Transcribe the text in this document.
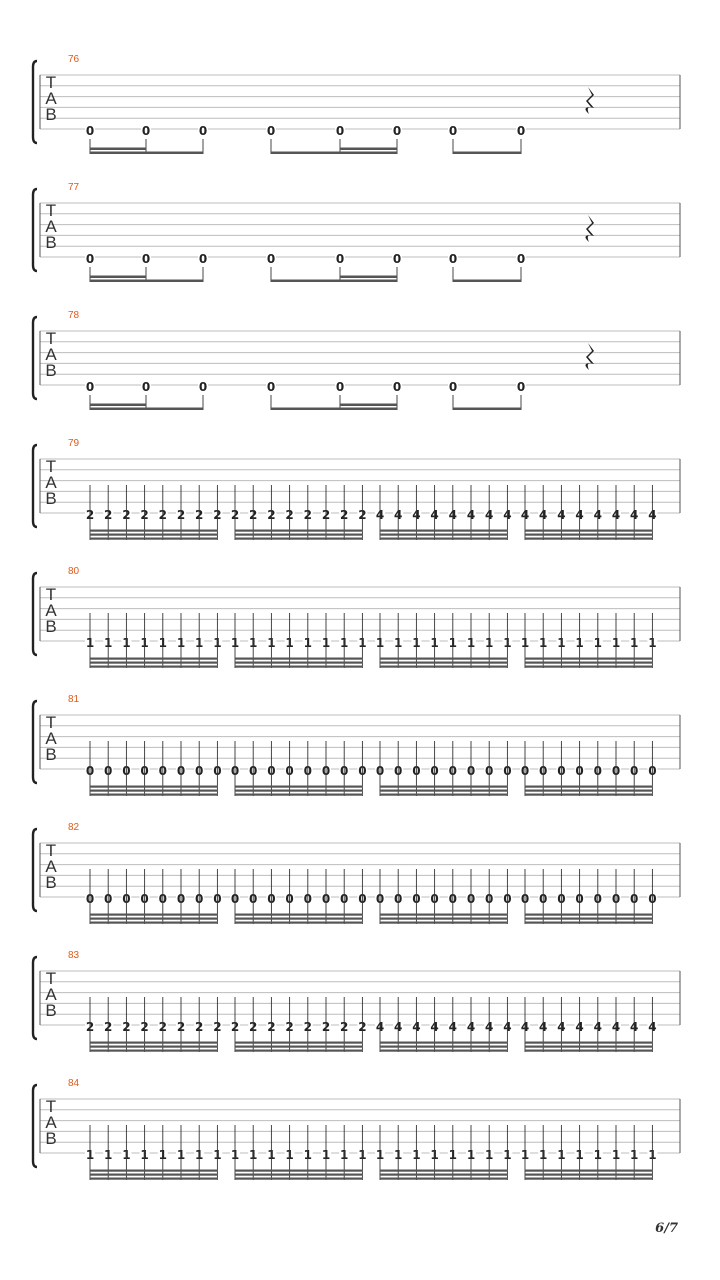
T
A
B
76
0	0	0	0	0	0	0	0
T
A
B
77
0	0	0	0	0	0	0	0
T
A
B
78
0	0	0	0	0	0	0	0
T
A
B
79
2 2 2 2 2 2 2 2 2 2 2 2 2 2 2 2 4 4 4 4 4 4 4 4 4 4 4 4 4 4 4 4
T
A
B
80
1 1 1 1 1 1 1 1 1 1 1 1 1 1 1 1 1 1 1 1 1 1 1 1 1 1 1 1 1 1 1 1
T
A
B
81
0 0 0 0 0 0 0 0 0 0 0 0 0 0 0 0 0 0 0 0 0 0 0 0 0 0 0 0 0 0 0 0
T
A
B
82
0 0 0 0 0 0 0 0 0 0 0 0 0 0 0 0 0 0 0 0 0 0 0 0 0 0 0 0 0 0 0 0
T
A
B
83
2 2 2 2 2 2 2 2 2 2 2 2 2 2 2 2 4 4 4 4 4 4 4 4 4 4 4 4 4 4 4 4
T
A
B
84
1 1 1 1 1 1 1 1 1 1 1 1 1 1 1 1 1 1 1 1 1 1 1 1 1 1 1 1 1 1 1 1
6/7
